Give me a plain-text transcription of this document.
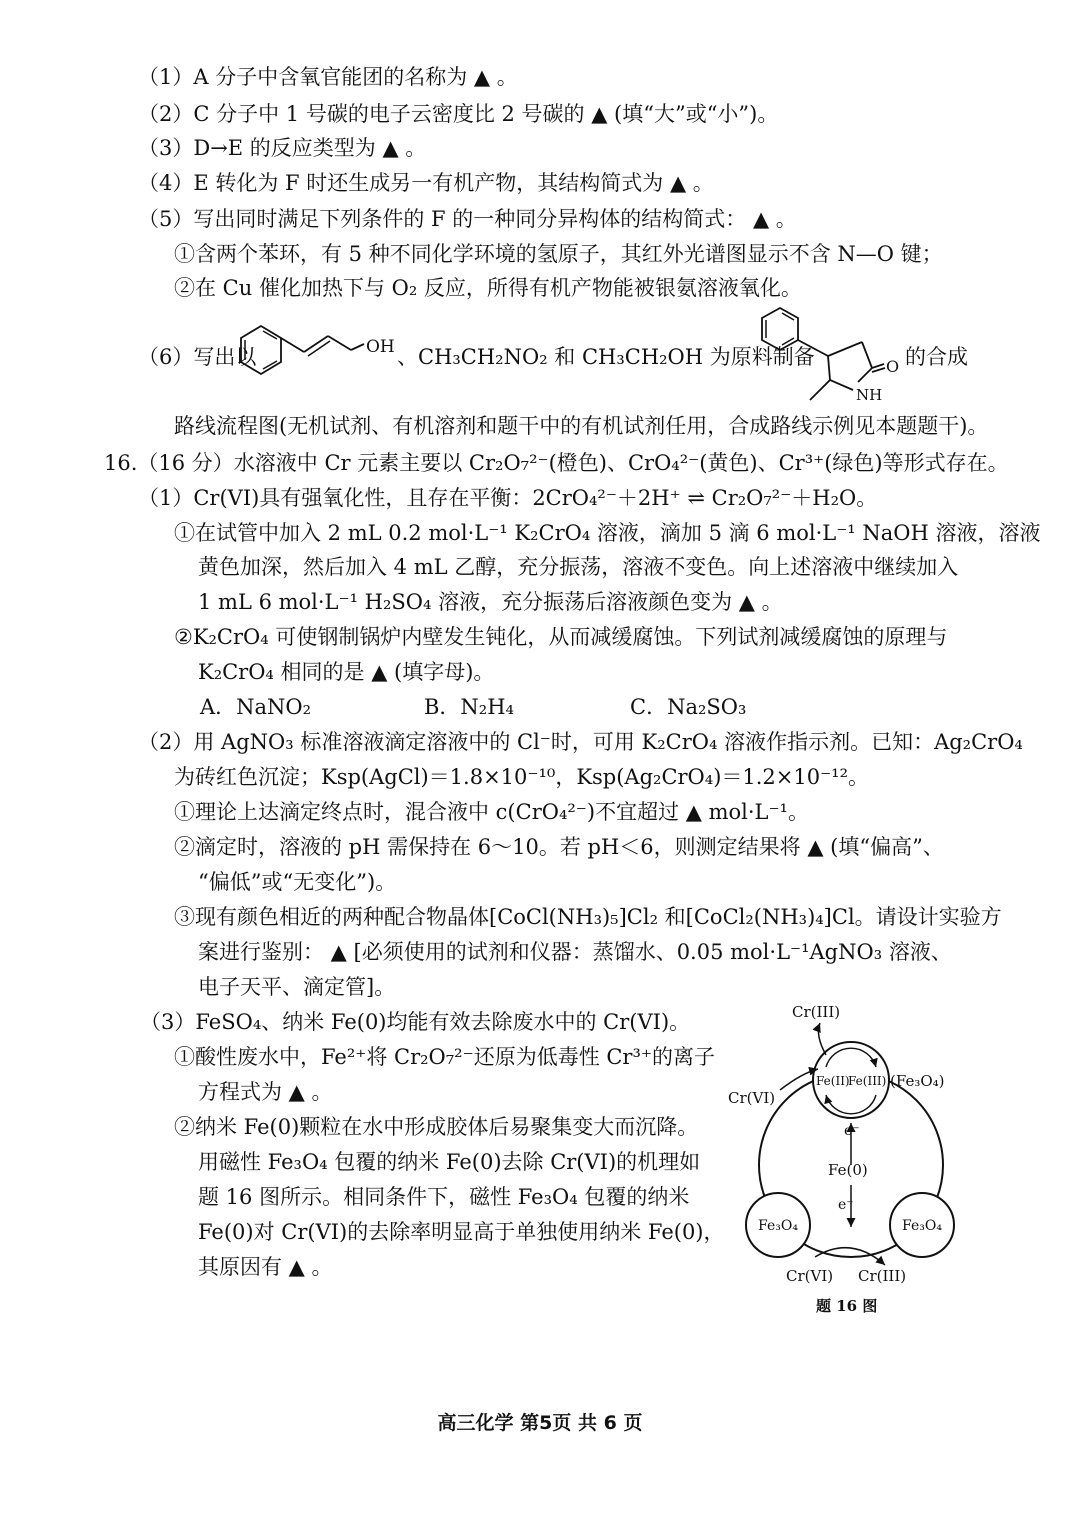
（1）A 分子中含氧官能团的名称为 ▲ 。
（2）C 分子中 1 号碳的电子云密度比 2 号碳的 ▲ (填“大”或“小”)。
（3）D→E 的反应类型为 ▲ 。
（4）E 转化为 F 时还生成另一有机产物，其结构简式为 ▲ 。
（5）写出同时满足下列条件的 F 的一种同分异构体的结构简式： ▲ 。
①含两个苯环，有 5 种不同化学环境的氢原子，其红外光谱图显示不含 N—O 键；
②在 Cu 催化加热下与 O₂ 反应，所得有机产物能被银氨溶液氧化。
（6）写出以	OH 、CH₃CH₂NO₂ 和 CH₃CH₂OH 为原料制备	O
NH
的合成
路线流程图(无机试剂、有机溶剂和题干中的有机试剂任用，合成路线示例见本题题干)。
16.（16 分）水溶液中 Cr 元素主要以 Cr₂O₇²⁻(橙色)、CrO₄²⁻(黄色)、Cr³⁺(绿色)等形式存在。
（1）Cr(VI)具有强氧化性，且存在平衡：2CrO₄²⁻＋2H⁺ ⇌ Cr₂O₇²⁻＋H₂O。
①在试管中加入 2 mL 0.2 mol·L⁻¹ K₂CrO₄ 溶液，滴加 5 滴 6 mol·L⁻¹ NaOH 溶液，溶液
黄色加深，然后加入 4 mL 乙醇，充分振荡，溶液不变色。向上述溶液中继续加入
1 mL 6 mol·L⁻¹ H₂SO₄ 溶液，充分振荡后溶液颜色变为 ▲ 。
②K₂CrO₄ 可使钢制锅炉内壁发生钝化，从而减缓腐蚀。下列试剂减缓腐蚀的原理与
K₂CrO₄ 相同的是 ▲ (填字母)。
A．NaNO₂	B．N₂H₄	C．Na₂SO₃
（2）用 AgNO₃ 标准溶液滴定溶液中的 Cl⁻时，可用 K₂CrO₄ 溶液作指示剂。已知：Ag₂CrO₄
为砖红色沉淀；Ksp(AgCl)＝1.8×10⁻¹⁰，Ksp(Ag₂CrO₄)＝1.2×10⁻¹²。
①理论上达滴定终点时，混合液中 c(CrO₄²⁻)不宜超过 ▲ mol·L⁻¹。
②滴定时，溶液的 pH 需保持在 6～10。若 pH＜6，则测定结果将 ▲ (填“偏高”、
“偏低”或“无变化”)。
③现有颜色相近的两种配合物晶体[CoCl(NH₃)₅]Cl₂ 和[CoCl₂(NH₃)₄]Cl。请设计实验方
案进行鉴别： ▲ [必须使用的试剂和仪器：蒸馏水、0.05 mol·L⁻¹AgNO₃ 溶液、
电子天平、滴定管]。
（3）FeSO₄、纳米 Fe(0)均能有效去除废水中的 Cr(VI)。
①酸性废水中，Fe²⁺将 Cr₂O₇²⁻还原为低毒性 Cr³⁺的离子
方程式为 ▲ 。
②纳米 Fe(0)颗粒在水中形成胶体后易聚集变大而沉降。
用磁性 Fe₃O₄ 包覆的纳米 Fe(0)去除 Cr(VI)的机理如
题 16 图所示。相同条件下，磁性 Fe₃O₄ 包覆的纳米
Fe(0)对 Cr(VI)的去除率明显高于单独使用纳米 Fe(0)，
其原因有 ▲ 。
Fe(II)
Fe(III) (Fe₃O₄)
Cr(III)
Cr(VI)
e⁻
Fe(0)
e⁻
Fe₃O₄	Fe₃O₄
Cr(VI) Cr(III)
题 16 图
高三化学 第5页 共 6 页
